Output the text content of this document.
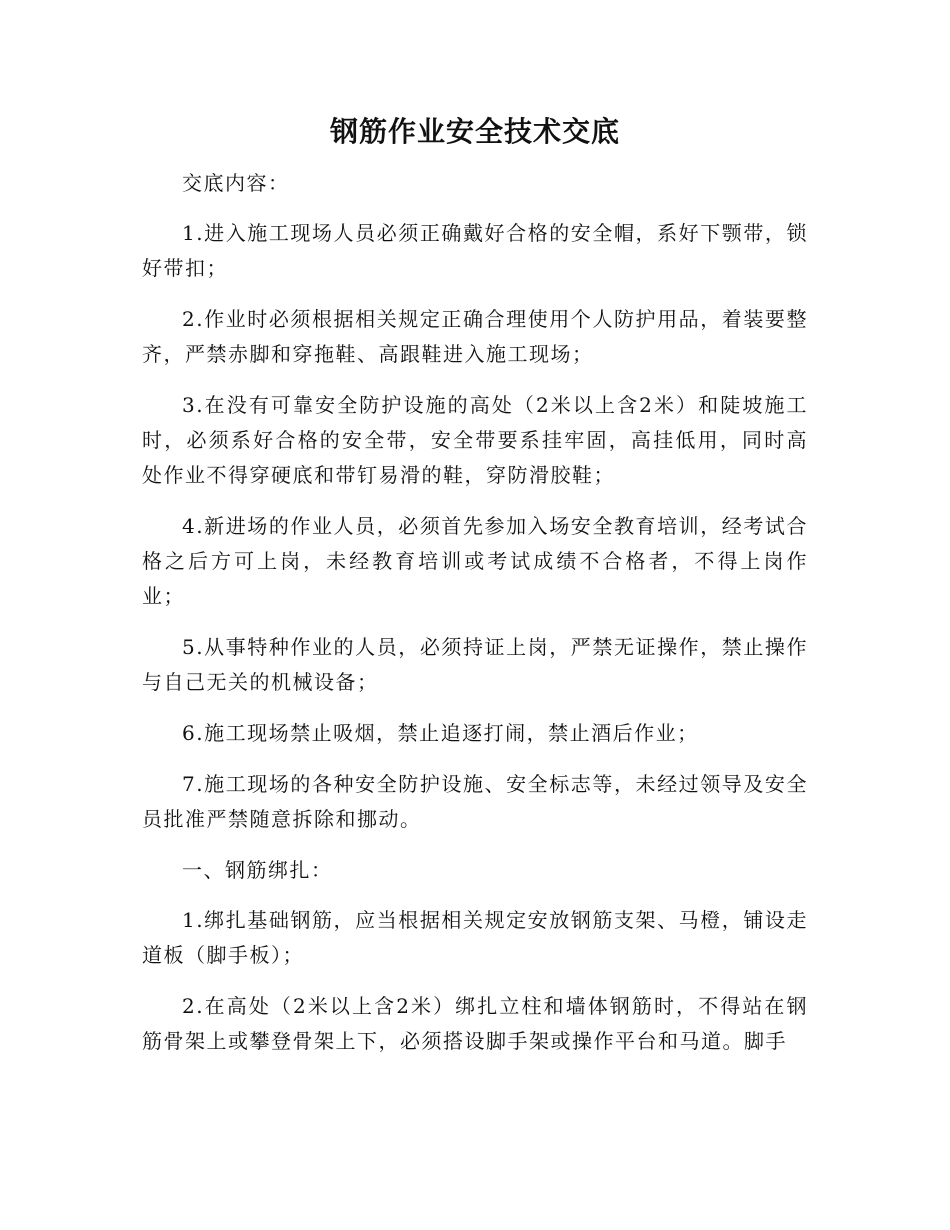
钢筋作业安全技术交底

交底内容：

1.进入施工现场人员必须正确戴好合格的安全帽，系好下颚带，锁好带扣；

2.作业时必须根据相关规定正确合理使用个人防护用品，着装要整齐，严禁赤脚和穿拖鞋、高跟鞋进入施工现场；

3.在没有可靠安全防护设施的高处（2米以上含2米）和陡坡施工时，必须系好合格的安全带，安全带要系挂牢固，高挂低用，同时高处作业不得穿硬底和带钉易滑的鞋，穿防滑胶鞋；

4.新进场的作业人员，必须首先参加入场安全教育培训，经考试合格之后方可上岗，未经教育培训或考试成绩不合格者，不得上岗作业；

5.从事特种作业的人员，必须持证上岗，严禁无证操作，禁止操作与自己无关的机械设备；

6.施工现场禁止吸烟，禁止追逐打闹，禁止酒后作业；

7.施工现场的各种安全防护设施、安全标志等，未经过领导及安全员批准严禁随意拆除和挪动。

一、钢筋绑扎：

1.绑扎基础钢筋，应当根据相关规定安放钢筋支架、马橙，铺设走道板（脚手板）；

2.在高处（2米以上含2米）绑扎立柱和墙体钢筋时，不得站在钢筋骨架上或攀登骨架上下，必须搭设脚手架或操作平台和马道。脚手
